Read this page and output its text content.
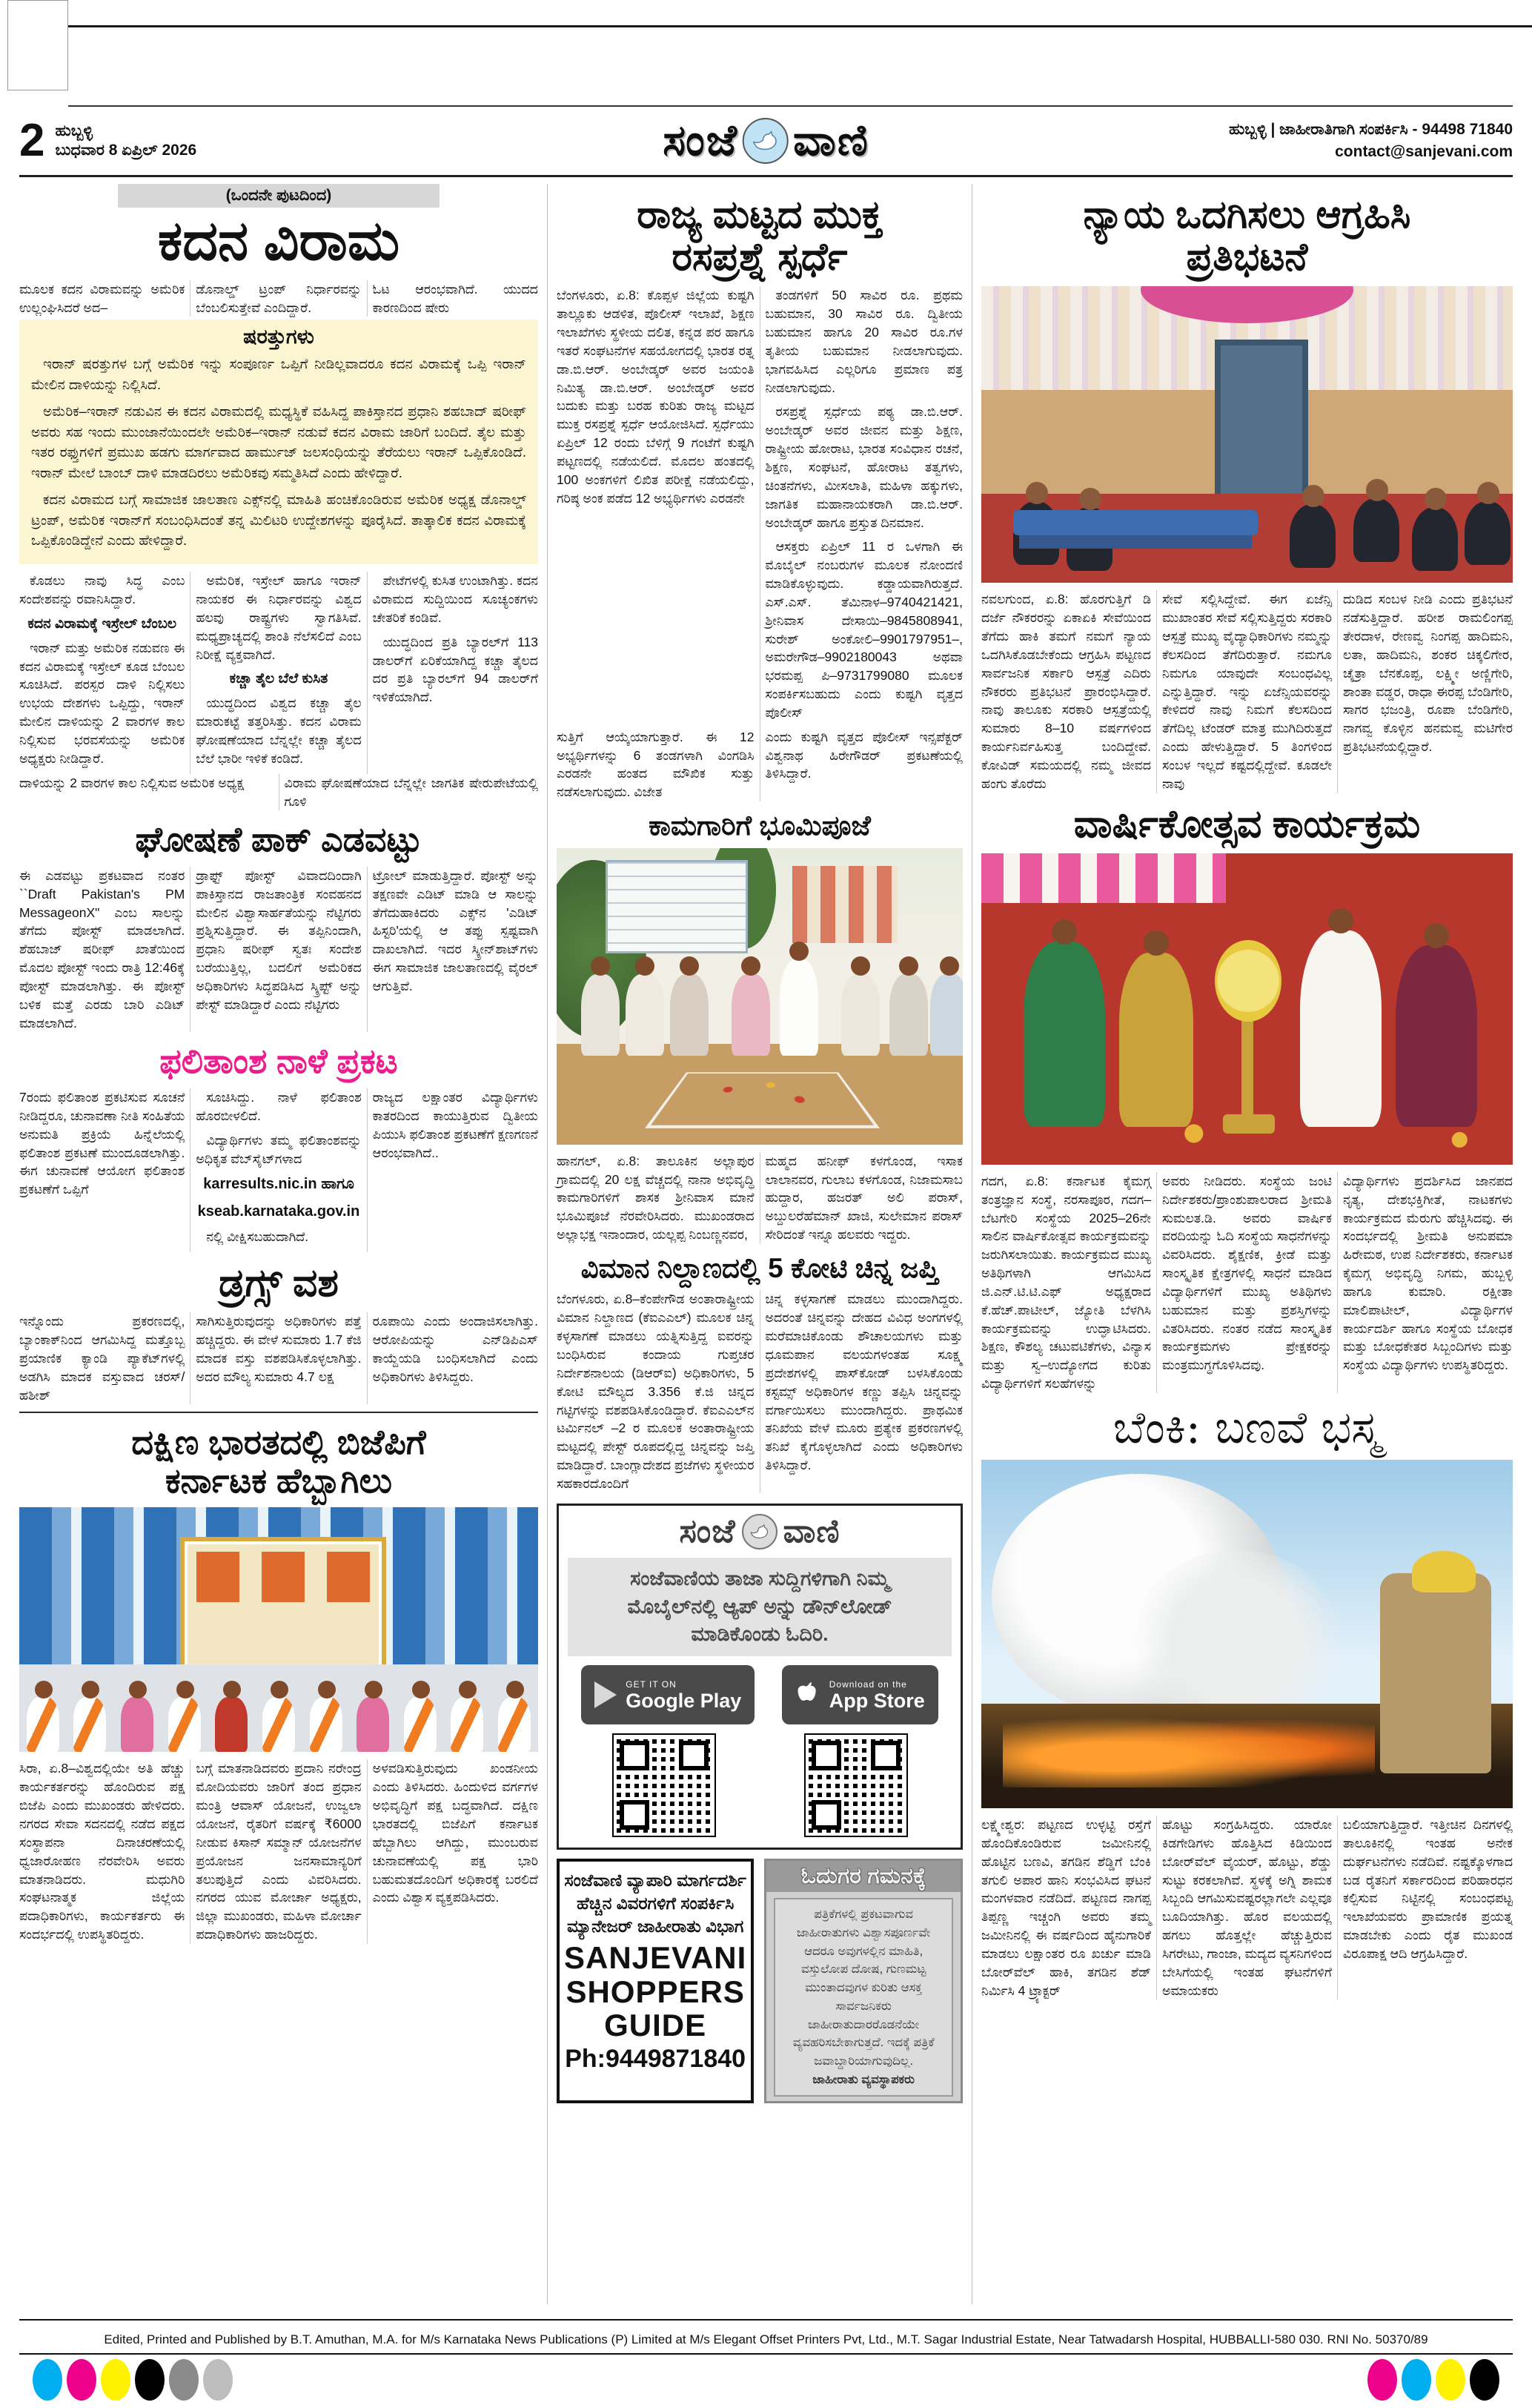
2 ಹುಬ್ಬಳ್ಳಿ
ಬುಧವಾರ 8 ಏಪ್ರಿಲ್ 2026	ಸಂಜೆ ವಾಣಿ	ಹುಬ್ಬಳ್ಳಿ | ಜಾಹೀರಾತಿಗಾಗಿ ಸಂಪರ್ಕಿಸಿ - 94498 71840
contact@sanjevani.com
(ಒಂದನೇ ಪುಟದಿಂದ)
ಕದನ ವಿರಾಮ
ಮೂಲಕ ಕದನ ವಿರಾಮವನ್ನು ಅಮೆರಿಕ ಉಲ್ಲಂಘಿಸಿದರೆ ಅದ–
ಡೊನಾಲ್ಡ್ ಟ್ರಂಪ್ ನಿರ್ಧಾರವನ್ನು ಬೆಂಬಲಿಸುತ್ತೇವೆ ಎಂದಿದ್ದಾರೆ.
ಓಟ ಆರಂಭವಾಗಿದೆ. ಯುದದ ಕಾರಣದಿಂದ ಷೇರು
ಷರತ್ತುಗಳು

ಇರಾನ್ ಷರತ್ತುಗಳ ಬಗ್ಗೆ ಅಮೆರಿಕ ಇನ್ನು ಸಂಪೂರ್ಣ ಒಪ್ಪಿಗೆ ನೀಡಿಲ್ಲವಾದರೂ ಕದನ ವಿರಾಮಕ್ಕೆ ಒಪ್ಪಿ ಇರಾನ್ ಮೇಲಿನ ದಾಳಿಯನ್ನು ನಿಲ್ಲಿಸಿದೆ.

ಅಮೆರಿಕ–ಇರಾನ್ ನಡುವಿನ ಈ ಕದನ ವಿರಾಮದಲ್ಲಿ ಮಧ್ಯಸ್ಥಿಕೆ ವಹಿಸಿದ್ದ ಪಾಕಿಸ್ತಾನದ ಪ್ರಧಾನಿ ಶಹಬಾದ್ ಷರೀಫ್ ಅವರು ಸಹ ಇಂದು ಮುಂಜಾನೆಯಿಂದಲೇ ಅಮೆರಿಕ–ಇರಾನ್ ನಡುವೆ ಕದನ ವಿರಾಮ ಜಾರಿಗೆ ಬಂದಿದೆ. ತೈಲ ಮತ್ತು ಇತರ ರಫ್ತುಗಳಿಗೆ ಪ್ರಮುಖ ಹಡಗು ಮಾರ್ಗವಾದ ಹಾರ್ಮುಜ್ ಜಲಸಂಧಿಯನ್ನು ತೆರೆಯಲು ಇರಾನ್ ಒಪ್ಪಿಕೊಂಡಿದೆ. ಇರಾನ್ ಮೇಲೆ ಬಾಂಬ್ ದಾಳಿ ಮಾಡದಿರಲು ಅಮೆರಿಕವು ಸಮ್ಮತಿಸಿದೆ ಎಂದು ಹೇಳಿದ್ದಾರೆ.

ಕದನ ವಿರಾಮದ ಬಗ್ಗೆ ಸಾಮಾಜಿಕ ಜಾಲತಾಣ ಎಕ್ಸ್‌ನಲ್ಲಿ ಮಾಹಿತಿ ಹಂಚಿಕೊಂಡಿರುವ ಅಮೆರಿಕ ಅಧ್ಯಕ್ಷ ಡೊನಾಲ್ಡ್ ಟ್ರಂಪ್, ಅಮೆರಿಕ ಇರಾನ್‌ಗೆ ಸಂಬಂಧಿಸಿದಂತೆ ತನ್ನ ಮಿಲಿಟರಿ ಉದ್ದೇಶಗಳನ್ನು ಪೂರೈಸಿದೆ. ತಾತ್ಕಾಲಿಕ ಕದನ ವಿರಾಮಕ್ಕೆ ಒಪ್ಪಿಕೊಂಡಿದ್ದೇನೆ ಎಂದು ಹೇಳಿದ್ದಾರೆ.

ಕೊಡಲು ನಾವು ಸಿದ್ಧ ಎಂಬ ಸಂದೇಶವನ್ನು ರವಾನಿಸಿದ್ದಾರೆ.

ಕದನ ವಿರಾಮಕ್ಕೆ ಇಸ್ರೇಲ್ ಬೆಂಬಲ

ಇರಾನ್ ಮತ್ತು ಅಮೆರಿಕ ನಡುವಣ ಈ ಕದನ ವಿರಾಮಕ್ಕೆ ಇಸ್ರೇಲ್ ಕೂಡ ಬೆಂಬಲ ಸೂಚಿಸಿದೆ. ಪರಸ್ಪರ ದಾಳಿ ನಿಲ್ಲಿಸಲು ಉಭಯ ದೇಶಗಳು ಒಪ್ಪಿದ್ದು, ಇರಾನ್ ಮೇಲಿನ ದಾಳಿಯನ್ನು 2 ವಾರಗಳ ಕಾಲ ನಿಲ್ಲಿಸುವ ಭರವಸೆಯನ್ನು ಅಮೆರಿಕ ಅಧ್ಯಕ್ಷರು ನೀಡಿದ್ದಾರೆ.

ಅಮೆರಿಕ, ಇಸ್ರೇಲ್ ಹಾಗೂ ಇರಾನ್ ನಾಯಕರ ಈ ನಿರ್ಧಾರವನ್ನು ವಿಶ್ವದ ಹಲವು ರಾಷ್ಟ್ರಗಳು ಸ್ವಾಗತಿಸಿವೆ. ಮಧ್ಯಪ್ರಾಚ್ಯದಲ್ಲಿ ಶಾಂತಿ ನೆಲೆಸಲಿದೆ ಎಂಬ ನಿರೀಕ್ಷೆ ವ್ಯಕ್ತವಾಗಿದೆ.

ಕಚ್ಚಾ ತೈಲ ಬೆಲೆ ಕುಸಿತ

ಯುದ್ಧದಿಂದ ವಿಶ್ವದ ಕಚ್ಚಾ ತೈಲ ಮಾರುಕಟ್ಟೆ ತತ್ತರಿಸಿತ್ತು. ಕದನ ವಿರಾಮ ಘೋಷಣೆಯಾದ ಬೆನ್ನಲ್ಲೇ ಕಚ್ಚಾ ತೈಲದ ಬೆಲೆ ಭಾರೀ ಇಳಿಕೆ ಕಂಡಿದೆ.

ಪೇಟೆಗಳಲ್ಲಿ ಕುಸಿತ ಉಂಟಾಗಿತ್ತು. ಕದನ ವಿರಾಮದ ಸುದ್ದಿಯಿಂದ ಸೂಚ್ಯಂಕಗಳು ಚೇತರಿಕೆ ಕಂಡಿವೆ.

ಯುದ್ಧದಿಂದ ಪ್ರತಿ ಬ್ಯಾರಲ್‌ಗೆ 113 ಡಾಲರ್‌ಗೆ ಏರಿಕೆಯಾಗಿದ್ದ ಕಚ್ಚಾ ತೈಲದ ದರ ಪ್ರತಿ ಬ್ಯಾರಲ್‌ಗೆ 94 ಡಾಲರ್‌ಗೆ ಇಳಿಕೆಯಾಗಿದೆ.

ದಾಳಿಯನ್ನು 2 ವಾರಗಳ ಕಾಲ ನಿಲ್ಲಿಸುವ ಅಮೆರಿಕ ಅಧ್ಯಕ್ಷ	ವಿರಾಮ ಘೋಷಣೆಯಾದ ಬೆನ್ನಲ್ಲೇ ಜಾಗತಿಕ ಷೇರುಪೇಟೆಯಲ್ಲಿ ಗೂಳಿ
ಘೋಷಣೆ ಪಾಕ್ ಎಡವಟ್ಟು
ಈ ಎಡವಟ್ಟು ಪ್ರಕಟವಾದ ನಂತರ ``Draft Pakistan's PM MessageonX" ಎಂಬ ಸಾಲನ್ನು ತೆಗೆದು ಪೋಸ್ಟ್ ಮಾಡಲಾಗಿದೆ. ಶೆಹಬಾಜ್ ಷರೀಫ್ ಖಾತೆಯಿಂದ ಮೊದಲ ಪೋಸ್ಟ್ ಇಂದು ರಾತ್ರಿ 12:46ಕ್ಕೆ ಪೋಸ್ಟ್ ಮಾಡಲಾಗಿತ್ತು. ಈ ಪೋಸ್ಟ್ ಬಳಿಕ ಮತ್ತೆ ಎರಡು ಬಾರಿ ಎಡಿಟ್ ಮಾಡಲಾಗಿದೆ.
ಡ್ರಾಫ್ಟ್ ಪೋಸ್ಟ್ ವಿವಾದದಿಂದಾಗಿ ಪಾಕಿಸ್ತಾನದ ರಾಜತಾಂತ್ರಿಕ ಸಂವಹನದ ಮೇಲಿನ ವಿಶ್ವಾಸಾರ್ಹತೆಯನ್ನು ನೆಟ್ಟಿಗರು ಪ್ರಶ್ನಿಸುತ್ತಿದ್ದಾರೆ. ಈ ತಪ್ಪಿನಿಂದಾಗಿ, ಪ್ರಧಾನಿ ಷರೀಫ್ ಸ್ವತಃ ಸಂದೇಶ ಬರೆಯುತ್ತಿಲ್ಲ, ಬದಲಿಗೆ ಅಮೆರಿಕದ ಅಧಿಕಾರಿಗಳು ಸಿದ್ಧಪಡಿಸಿದ ಸ್ಕ್ರಿಪ್ಟ್ ಅನ್ನು ಪೇಸ್ಟ್ ಮಾಡಿದ್ದಾರೆ ಎಂದು ನೆಟ್ಟಿಗರು
ಟ್ರೋಲ್ ಮಾಡುತ್ತಿದ್ದಾರೆ. ಪೋಸ್ಟ್ ಅನ್ನು ತಕ್ಷಣವೇ ಎಡಿಟ್ ಮಾಡಿ ಆ ಸಾಲನ್ನು ತೆಗೆದುಹಾಕಿದರು ಎಕ್ಸ್‌ನ 'ಎಡಿಟ್ ಹಿಸ್ಟರಿ'ಯಲ್ಲಿ ಆ ತಪ್ಪು ಸ್ಪಷ್ಟವಾಗಿ ದಾಖಲಾಗಿದೆ. ಇದರ ಸ್ಕ್ರೀನ್‌ಶಾಟ್‌ಗಳು ಈಗ ಸಾಮಾಜಿಕ ಜಾಲತಾಣದಲ್ಲಿ ವೈರಲ್ ಆಗುತ್ತಿವೆ.
ಫಲಿತಾಂಶ ನಾಳೆ ಪ್ರಕಟ
7ರಂದು ಫಲಿತಾಂಶ ಪ್ರಕಟಿಸುವ ಸೂಚನೆ ನೀಡಿದ್ದರೂ, ಚುನಾವಣಾ ನೀತಿ ಸಂಹಿತೆಯ ಅನುಮತಿ ಪ್ರಕ್ರಿಯೆ ಹಿನ್ನೆಲೆಯಲ್ಲಿ ಫಲಿತಾಂಶ ಪ್ರಕಟಣೆ ಮುಂದೂಡಲಾಗಿತ್ತು. ಈಗ ಚುನಾವಣೆ ಆಯೋಗ ಫಲಿತಾಂಶ ಪ್ರಕಟಣೆಗೆ ಒಪ್ಪಿಗೆ

ಸೂಚಿಸಿದ್ದು. ನಾಳೆ ಫಲಿತಾಂಶ ಹೊರಬೀಳಲಿದೆ.

ವಿದ್ಯಾರ್ಥಿಗಳು ತಮ್ಮ ಫಲಿತಾಂಶವನ್ನು ಅಧಿಕೃತ ವೆಬ್‌ಸೈಟ್‌ಗಳಾದ

karresults.nic.in ಹಾಗೂ

kseab.karnataka.gov.in

ನಲ್ಲಿ ವೀಕ್ಷಿಸಬಹುದಾಗಿದೆ.

ರಾಜ್ಯದ ಲಕ್ಷಾಂತರ ವಿದ್ಯಾರ್ಥಿಗಳು ಕಾತರದಿಂದ ಕಾಯುತ್ತಿರುವ ದ್ವಿತೀಯ ಪಿಯುಸಿ ಫಲಿತಾಂಶ ಪ್ರಕಟಣೆಗೆ ಕ್ಷಣಗಣನೆ ಆರಂಭವಾಗಿದೆ..
ಡ್ರಗ್ಸ್ ವಶ
ಇನ್ನೊಂದು ಪ್ರಕರಣದಲ್ಲಿ, ಬ್ಯಾಂಕಾಕ್‌ನಿಂದ ಆಗಮಿಸಿದ್ದ ಮತ್ತೊಬ್ಬ ಪ್ರಯಾಣಿಕ ಕ್ಯಾಂಡಿ ಪ್ಯಾಕೆಟ್‌ಗಳಲ್ಲಿ ಅಡಗಿಸಿ ಮಾದಕ ವಸ್ತುವಾದ ಚರಸ್/ಹಶೀಶ್
ಸಾಗಿಸುತ್ತಿರುವುದನ್ನು ಅಧಿಕಾರಿಗಳು ಪತ್ತೆ ಹಚ್ಚಿದ್ದರು. ಈ ವೇಳೆ ಸುಮಾರು 1.7 ಕೆಜಿ ಮಾದಕ ವಸ್ತು ವಶಪಡಿಸಿಕೊಳ್ಳಲಾಗಿತ್ತು. ಅದರ ಮೌಲ್ಯ ಸುಮಾರು 4.7 ಲಕ್ಷ
ರೂಪಾಯಿ ಎಂದು ಅಂದಾಜಿಸಲಾಗಿತ್ತು. ಆರೋಪಿಯನ್ನು ಎನ್‌ಡಿಪಿಎಸ್ ಕಾಯ್ದೆಯಡಿ ಬಂಧಿಸಲಾಗಿದೆ ಎಂದು ಅಧಿಕಾರಿಗಳು ತಿಳಿಸಿದ್ದರು.
ದಕ್ಷಿಣ ಭಾರತದಲ್ಲಿ ಬಿಜೆಪಿಗೆ
ಕರ್ನಾಟಕ ಹೆಬ್ಬಾಗಿಲು
ಸಿರಾ, ಏ.8–ವಿಶ್ವದಲ್ಲಿಯೇ ಅತಿ ಹೆಚ್ಚು ಕಾರ್ಯಕರ್ತರನ್ನು ಹೊಂದಿರುವ ಪಕ್ಷ ಬಿಜೆಪಿ ಎಂದು ಮುಖಂಡರು ಹೇಳಿದರು. ನಗರದ ಸೇವಾ ಸದನದಲ್ಲಿ ನಡೆದ ಪಕ್ಷದ ಸಂಸ್ಥಾಪನಾ ದಿನಾಚರಣೆಯಲ್ಲಿ ಧ್ವಜಾರೋಹಣ ನೆರವೇರಿಸಿ ಅವರು ಮಾತನಾಡಿದರು. ಮಧುಗಿರಿ ಸಂಘಟನಾತ್ಮಕ ಜಿಲ್ಲೆಯ ಪದಾಧಿಕಾರಿಗಳು, ಕಾರ್ಯಕರ್ತರು ಈ ಸಂದರ್ಭದಲ್ಲಿ ಉಪಸ್ಥಿತರಿದ್ದರು.
ಬಗ್ಗೆ ಮಾತನಾಡಿದವರು ಪ್ರದಾನಿ ನರೇಂದ್ರ ಮೋದಿಯವರು ಜಾರಿಗೆ ತಂದ ಪ್ರಧಾನ ಮಂತ್ರಿ ಆವಾಸ್ ಯೋಜನೆ, ಉಜ್ವಲಾ ಯೋಜನೆ, ರೈತರಿಗೆ ವರ್ಷಕ್ಕೆ ₹6000 ನೀಡುವ ಕಿಸಾನ್ ಸಮ್ಮಾನ್ ಯೋಜನೆಗಳ ಪ್ರಯೋಜನ ಜನಸಾಮಾನ್ಯರಿಗೆ ತಲುಪುತ್ತಿದೆ ಎಂದು ವಿವರಿಸಿದರು. ನಗರದ ಯುವ ಮೋರ್ಚಾ ಅಧ್ಯಕ್ಷರು, ಜಿಲ್ಲಾ ಮುಖಂಡರು, ಮಹಿಳಾ ಮೋರ್ಚಾ ಪದಾಧಿಕಾರಿಗಳು ಹಾಜರಿದ್ದರು.
ಅಳವಡಿಸುತ್ತಿರುವುದು ಖಂಡನೀಯ ಎಂದು ತಿಳಿಸಿದರು. ಹಿಂದುಳಿದ ವರ್ಗಗಳ ಅಭಿವೃದ್ಧಿಗೆ ಪಕ್ಷ ಬದ್ಧವಾಗಿದೆ. ದಕ್ಷಿಣ ಭಾರತದಲ್ಲಿ ಬಿಜೆಪಿಗೆ ಕರ್ನಾಟಕ ಹೆಬ್ಬಾಗಿಲು ಆಗಿದ್ದು, ಮುಂಬರುವ ಚುನಾವಣೆಯಲ್ಲಿ ಪಕ್ಷ ಭಾರಿ ಬಹುಮತದೊಂದಿಗೆ ಅಧಿಕಾರಕ್ಕೆ ಬರಲಿದೆ ಎಂದು ವಿಶ್ವಾಸ ವ್ಯಕ್ತಪಡಿಸಿದರು.
ರಾಜ್ಯ ಮಟ್ಟದ ಮುಕ್ತ
ರಸಪ್ರಶ್ನೆ ಸ್ಪರ್ಧೆ
ಬೆಂಗಳೂರು, ಏ.8: ಕೊಪ್ಪಳ ಜಿಲ್ಲೆಯ ಕುಷ್ಟಗಿ ತಾಲ್ಲೂಕು ಆಡಳಿತ, ಪೊಲೀಸ್ ಇಲಾಖೆ, ಶಿಕ್ಷಣ ಇಲಾಖೆಗಳು ಸ್ಥಳೀಯ ದಲಿತ, ಕನ್ನಡ ಪರ ಹಾಗೂ ಇತರೆ ಸಂಘಟನೆಗಳ ಸಹಯೋಗದಲ್ಲಿ ಭಾರತ ರತ್ನ ಡಾ.ಬಿ.ಆರ್. ಅಂಬೇಡ್ಕರ್ ಅವರ ಜಯಂತಿ ನಿಮಿತ್ಯ ಡಾ.ಬಿ.ಆರ್. ಅಂಬೇಡ್ಕರ್ ಅವರ ಬದುಕು ಮತ್ತು ಬರಹ ಕುರಿತು ರಾಜ್ಯ ಮಟ್ಟದ ಮುಕ್ತ ರಸಪ್ರಶ್ನೆ ಸ್ಪರ್ಧೆ ಆಯೋಜಿಸಿದೆ. ಸ್ಪರ್ಧೆಯು ಏಪ್ರಿಲ್ 12 ರಂದು ಬೆಳಿಗ್ಗೆ 9 ಗಂಟೆಗೆ ಕುಷ್ಟಗಿ ಪಟ್ಟಣದಲ್ಲಿ ನಡೆಯಲಿದೆ. ಮೊದಲ ಹಂತದಲ್ಲಿ 100 ಅಂಕಗಳಿಗೆ ಲಿಖಿತ ಪರೀಕ್ಷೆ ನಡೆಯಲಿದ್ದು, ಗರಿಷ್ಠ ಅಂಕ ಪಡೆದ 12 ಅಭ್ಯರ್ಥಿಗಳು ಎರಡನೇ

ತಂಡಗಳಿಗೆ 50 ಸಾವಿರ ರೂ. ಪ್ರಥಮ ಬಹುಮಾನ, 30 ಸಾವಿರ ರೂ. ದ್ವಿತೀಯ ಬಹುಮಾನ ಹಾಗೂ 20 ಸಾವಿರ ರೂ.ಗಳ ತೃತೀಯ ಬಹುಮಾನ ನೀಡಲಾಗುವುದು. ಭಾಗವಹಿಸಿದ ಎಲ್ಲರಿಗೂ ಪ್ರಮಾಣ ಪತ್ರ ನೀಡಲಾಗುವುದು.

ರಸಪ್ರಶ್ನೆ ಸ್ಪರ್ಧೆಯ ಪಠ್ಯ ಡಾ.ಬಿ.ಆರ್. ಅಂಬೇಡ್ಕರ್ ಅವರ ಜೀವನ ಮತ್ತು ಶಿಕ್ಷಣ, ರಾಷ್ಟ್ರೀಯ ಹೋರಾಟ, ಭಾರತ ಸಂವಿಧಾನ ರಚನೆ, ಶಿಕ್ಷಣ, ಸಂಘಟನೆ, ಹೋರಾಟ ತತ್ವಗಳು, ಚಿಂತನೆಗಳು, ಮೀಸಲಾತಿ, ಮಹಿಳಾ ಹಕ್ಕುಗಳು, ಜಾಗತಿಕ ಮಹಾನಾಯಕರಾಗಿ ಡಾ.ಬಿ.ಆರ್. ಅಂಬೇಡ್ಕರ್ ಹಾಗೂ ಪ್ರಸ್ತುತ ದಿನಮಾನ.

ಆಸಕ್ತರು ಏಪ್ರಿಲ್ 11 ರ ಒಳಗಾಗಿ ಈ ಮೊಬೈಲ್ ನಂಬರುಗಳ ಮೂಲಕ ನೋಂದಣಿ ಮಾಡಿಕೊಳ್ಳುವುದು. ಕಡ್ಡಾಯವಾಗಿರುತ್ತದೆ. ಎಸ್.ಎಸ್. ತೆಮಿನಾಳ–9740421421, ಶ್ರೀನಿವಾಸ ದೇಸಾಯಿ–9845808941, ಸುರೇಶ್ ಅಂಕೋಲಿ–9901797951–, ಅಮರೇಗೌಡ–9902180043 ಅಥವಾ ಭರಮಪ್ಪ ಪಿ–9731799080 ಮೂಲಕ ಸಂಪರ್ಕಿಸಬಹುದು ಎಂದು ಕುಷ್ಟಗಿ ವೃತ್ತದ ಪೊಲೀಸ್

ಸುತ್ತಿಗೆ ಆಯ್ಕೆಯಾಗುತ್ತಾರೆ. ಈ 12 ಅಭ್ಯರ್ಥಿಗಳನ್ನು 6 ತಂಡಗಳಾಗಿ ವಿಂಗಡಿಸಿ ಎರಡನೇ ಹಂತದ ಮೌಖಿಕ ಸುತ್ತು ನಡೆಸಲಾಗುವುದು. ವಿಜೇತ
ಎಂದು ಕುಷ್ಟಗಿ ವೃತ್ತದ ಪೊಲೀಸ್ ಇನ್ಸಪೆಕ್ಟರ್ ವಿಶ್ವನಾಥ ಹಿರೇಗೌಡರ್ ಪ್ರಕಟಣೆಯಲ್ಲಿ ತಿಳಿಸಿದ್ದಾರೆ.
ಕಾಮಗಾರಿಗೆ ಭೂಮಿಪೂಜೆ
ಹಾನಗಲ್, ಏ.8: ತಾಲೂಕಿನ ಅಲ್ಲಾಪುರ ಗ್ರಾಮದಲ್ಲಿ 20 ಲಕ್ಷ ವೆಚ್ಚದಲ್ಲಿ ನಾನಾ ಅಭಿವೃದ್ಧಿ ಕಾಮಗಾರಿಗಳಿಗೆ ಶಾಸಕ ಶ್ರೀನಿವಾಸ ಮಾನೆ ಭೂಮಿಪೂಜೆ ನೆರವೇರಿಸಿದರು. ಮುಖಂಡರಾದ ಅಲ್ಲಾಭಕ್ಷ ಇನಾಂದಾರ, ಯಲ್ಲಪ್ಪ ನಿಂಬಣ್ಣನವರ,
ಮಹ್ಮದ ಹನೀಫ್ ಕಳಗೊಂಡ, ಇಸಾಕ ಲಾಲಾನವರ, ಗುಲಾಬ ಕಳಗೊಂಡ, ನಿಜಾಮಸಾಬ ಹುದ್ದಾರ, ಹಜರತ್ ಅಲಿ ಪರಾಸ್, ಅಬ್ದುಲರೆಹೆಮಾನ್ ಖಾಜಿ, ಸುಲೇಮಾನ ಪರಾಸ್ ಸೇರಿದಂತೆ ಇನ್ನೂ ಹಲವರು ಇದ್ದರು.
ವಿಮಾನ ನಿಲ್ದಾಣದಲ್ಲಿ 5 ಕೋಟಿ ಚಿನ್ನ ಜಪ್ತಿ
ಬೆಂಗಳೂರು, ಏ.8–ಕೆಂಪೇಗೌಡ ಅಂತಾರಾಷ್ಟ್ರೀಯ ವಿಮಾನ ನಿಲ್ದಾಣದ (ಕೆಐಎಎಲ್) ಮೂಲಕ ಚಿನ್ನ ಕಳ್ಳಸಾಗಣೆ ಮಾಡಲು ಯತ್ನಿಸುತ್ತಿದ್ದ ಐವರನ್ನು ಬಂಧಿಸಿರುವ ಕಂದಾಯ ಗುಪ್ತಚರ ನಿರ್ದೇಶನಾಲಯ (ಡಿಆರ್‌ಐ) ಅಧಿಕಾರಿಗಳು, 5 ಕೋಟಿ ಮೌಲ್ಯದ 3.356 ಕೆ.ಜಿ ಚಿನ್ನದ ಗಟ್ಟಿಗಳನ್ನು ವಶಪಡಿಸಿಕೊಂಡಿದ್ದಾರೆ. ಕೆಐಎಎಲ್‌ನ ಟರ್ಮಿನಲ್ –2 ರ ಮೂಲಕ ಅಂತಾರಾಷ್ಟ್ರೀಯ ಮಟ್ಟದಲ್ಲಿ ಪೇಸ್ಟ್ ರೂಪದಲ್ಲಿದ್ದ ಚಿನ್ನವನ್ನು ಜಪ್ತಿ ಮಾಡಿದ್ದಾರೆ. ಬಾಂಗ್ಲಾದೇಶದ ಪ್ರಜೆಗಳು ಸ್ಥಳೀಯರ ಸಹಕಾರದೊಂದಿಗೆ
ಚಿನ್ನ ಕಳ್ಳಸಾಗಣೆ ಮಾಡಲು ಮುಂದಾಗಿದ್ದರು. ಅದರಂತೆ ಚಿನ್ನವನ್ನು ದೇಹದ ವಿವಿಧ ಅಂಗಗಳಲ್ಲಿ ಮರೆಮಾಚಿಕೊಂಡು ಶೌಚಾಲಯಗಳು ಮತ್ತು ಧೂಮಪಾನ ವಲಯಗಳಂತಹ ಸೂಕ್ಷ್ಮ ಪ್ರದೇಶಗಳಲ್ಲಿ ಪಾಸ್‌ಕೋಡ್ ಬಳಸಿಕೊಂಡು ಕಸ್ಟಮ್ಸ್ ಅಧಿಕಾರಿಗಳ ಕಣ್ಣು ತಪ್ಪಿಸಿ ಚಿನ್ನವನ್ನು ವರ್ಗಾಯಿಸಲು ಮುಂದಾಗಿದ್ದರು. ಪ್ರಾಥಮಿಕ ತನಿಖೆಯ ವೇಳೆ ಮೂರು ಪ್ರತ್ಯೇಕ ಪ್ರಕರಣಗಳಲ್ಲಿ ತನಿಖೆ ಕೈಗೊಳ್ಳಲಾಗಿದೆ ಎಂದು ಅಧಿಕಾರಿಗಳು ತಿಳಿಸಿದ್ದಾರೆ.
ಸಂಜೆ ವಾಣಿ
ಸಂಜೆವಾಣಿಯ ತಾಜಾ ಸುದ್ದಿಗಳಿಗಾಗಿ ನಿಮ್ಮ
ಮೊಬೈಲ್‌ನಲ್ಲಿ ಆ್ಯಪ್ ಅನ್ನು ಡೌನ್‌ಲೋಡ್
ಮಾಡಿಕೊಂಡು ಓದಿರಿ.
GET IT ON
Google Play
Download on the
App Store
ಸಂಜೆವಾಣಿ ವ್ಯಾಪಾರಿ ಮಾರ್ಗದರ್ಶಿ
ಹೆಚ್ಚಿನ ವಿವರಗಳಿಗೆ ಸಂಪರ್ಕಿಸಿ
ಮ್ಯಾನೇಜರ್ ಜಾಹೀರಾತು ವಿಭಾಗ
SANJEVANI
SHOPPERS
GUIDE
Ph:9449871840
ಓದುಗರ ಗಮನಕ್ಕೆ
ಪತ್ರಿಕೆಗಳಲ್ಲಿ ಪ್ರಕಟವಾಗುವ ಜಾಹೀರಾತುಗಳು ವಿಶ್ವಾಸಪೂರ್ಣವೇ ಆದರೂ ಅವುಗಳಲ್ಲಿನ ಮಾಹಿತಿ, ವಸ್ತುಲೋಪ ದೋಷ, ಗುಣಮಟ್ಟ ಮುಂತಾದವುಗಳ ಕುರಿತು ಆಸಕ್ತ ಸಾರ್ವಜನಿಕರು ಜಾಹೀರಾತುದಾರರೊಡನೆಯೇ ವ್ಯವಹರಿಸಬೇಕಾಗುತ್ತದೆ. ಇದಕ್ಕೆ ಪತ್ರಿಕೆ ಜವಾಬ್ದಾರಿಯಾಗುವುದಿಲ್ಲ.
ಜಾಹೀರಾತು ವ್ಯವಸ್ಥಾಪಕರು
ನ್ಯಾಯ ಒದಗಿಸಲು ಆಗ್ರಹಿಸಿ
ಪ್ರತಿಭಟನೆ
ನವಲಗುಂದ, ಏ.8: ಹೊರಗುತ್ತಿಗೆ ಡಿ ದರ್ಜೆ ನೌಕರರನ್ನು ಏಕಾಏಕಿ ಸೇವೆಯಿಂದ ತೆಗೆದು ಹಾಕಿ ತಮಗೆ ನಮಗೆ ನ್ಯಾಯ ಒದಗಿಸಿಕೊಡಬೇಕೆಂದು ಆಗ್ರಹಿಸಿ ಪಟ್ಟಣದ ಸಾರ್ವಜನಿಕ ಸರ್ಕಾರಿ ಆಸ್ಪತ್ರೆ ಎದಿರು ನೌಕರರು ಪ್ರತಿಭಟನೆ ಪ್ರಾರಂಭಿಸಿದ್ದಾರೆ. ನಾವು ತಾಲೂಕು ಸರಕಾರಿ ಆಸ್ಪತ್ರೆಯಲ್ಲಿ ಸುಮಾರು 8–10 ವರ್ಷಗಳಿಂದ ಕಾರ್ಯನಿರ್ವಹಿಸುತ್ತ ಬಂದಿದ್ದೇವೆ. ಕೋವಿಡ್ ಸಮಯದಲ್ಲಿ ನಮ್ಮ ಜೀವದ ಹಂಗು ತೊರೆದು
ಸೇವೆ ಸಲ್ಲಿಸಿದ್ದೇವೆ. ಈಗ ಏಜೆನ್ಸಿ ಮುಖಾಂತರ ಸೇವೆ ಸಲ್ಲಿಸುತ್ತಿದ್ದರು ಸರಕಾರಿ ಆಸ್ಪತ್ರೆ ಮುಖ್ಯ ವೈದ್ಯಾಧಿಕಾರಿಗಳು ನಮ್ಮನ್ನು ಕೆಲಸದಿಂದ ತೆಗೆದಿರುತ್ತಾರೆ. ನಮಗೂ ನಿಮಗೂ ಯಾವುದೇ ಸಂಬಂಧವಿಲ್ಲ ಎನ್ನುತ್ತಿದ್ದಾರೆ. ಇನ್ನು ಏಜೆನ್ಸಿಯವರನ್ನು ಕೇಳಿದರೆ ನಾವು ನಿಮಗೆ ಕೆಲಸದಿಂದ ತೆಗೆದಿಲ್ಲ ಟೆಂಡರ್ ಮಾತ್ರ ಮುಗಿದಿರುತ್ತದೆ ಎಂದು ಹೇಳುತ್ತಿದ್ದಾರೆ. 5 ತಿಂಗಳಿಂದ ಸಂಬಳ ಇಲ್ಲದೆ ಕಷ್ಟದಲ್ಲಿದ್ದೇವೆ. ಕೂಡಲೇ ನಾವು
ದುಡಿದ ಸಂಬಳ ನೀಡಿ ಎಂದು ಪ್ರತಿಭಟನೆ ನಡೆಸುತ್ತಿದ್ದಾರೆ. ಹರೀಶ ರಾಮಲಿಂಗಪ್ಪ ತೇರದಾಳ, ರೇಣವ್ವ ನಿಂಗಪ್ಪ ಹಾದಿಮನಿ, ಲತಾ, ಹಾದಿಮನಿ, ಶಂಕರ ಚಿಕ್ಕಲಿಗೇರ, ಚೈತ್ರಾ ಬೆನಕೊಪ್ಪ, ಲಕ್ಷ್ಮೀ ಅಣ್ಣಿಗೇರಿ, ಶಾಂತಾ ವಡ್ಡರ, ರಾಧಾ ಈರಪ್ಪ ಬೆಂಡಿಗೇರಿ, ಸಾಗರ ಭಜಂತ್ರಿ, ರೂಪಾ ಬೆಂಡಿಗೇರಿ, ನಾಗವ್ವ ಕೊಳ್ಳಿನ ಹನಮವ್ವ ಮಟಿಗೇರ ಪ್ರತಿಭಟನೆಯಲ್ಲಿದ್ದಾರೆ.
ವಾರ್ಷಿಕೋತ್ಸವ ಕಾರ್ಯಕ್ರಮ
ಗದಗ, ಏ.8: ಕರ್ನಾಟಕ ಕೈಮಗ್ಗ ತಂತ್ರಜ್ಞಾನ ಸಂಸ್ಥೆ, ನರಸಾಪೂರ, ಗದಗ–ಬೆಟಗೇರಿ ಸಂಸ್ಥೆಯ 2025–26ನೇ ಸಾಲಿನ ವಾರ್ಷಿಕೋತ್ಸವ ಕಾರ್ಯಕ್ರಮವನ್ನು ಜರುಗಿಸಲಾಯಿತು. ಕಾರ್ಯಕ್ರಮದ ಮುಖ್ಯ ಅತಿಥಿಗಳಾಗಿ ಆಗಮಿಸಿದ ಜಿ.ಎನ್.ಟಿ.ಟಿ.ಎಫ್ ಅಧ್ಯಕ್ಷರಾದ ಕೆ.ಹೆಚ್.ಪಾಟೀಲ್, ಜ್ಯೋತಿ ಬೆಳಗಿಸಿ ಕಾರ್ಯಕ್ರಮವನ್ನು ಉದ್ಘಾಟಿಸಿದರು. ಶಿಕ್ಷಣ, ಕೌಶಲ್ಯ ಚಟುವಟಿಕೆಗಳು, ವಿನ್ಯಾಸ ಮತ್ತು ಸ್ವ–ಉದ್ಯೋಗದ ಕುರಿತು ವಿದ್ಯಾರ್ಥಿಗಳಿಗೆ ಸಲಹೆಗಳನ್ನು
ಅವರು ನೀಡಿದರು. ಸಂಸ್ಥೆಯ ಜಂಟಿ ನಿರ್ದೇಶಕರು/ಪ್ರಾಂಶುಪಾಲರಾದ ಶ್ರೀಮತಿ ಸುಮಲತ.ಡಿ. ಅವರು ವಾರ್ಷಿಕ ವರದಿಯನ್ನು ಓದಿ ಸಂಸ್ಥೆಯ ಸಾಧನೆಗಳನ್ನು ವಿವರಿಸಿದರು. ಶೈಕ್ಷಣಿಕ, ಕ್ರೀಡೆ ಮತ್ತು ಸಾಂಸ್ಕೃತಿಕ ಕ್ಷೇತ್ರಗಳಲ್ಲಿ ಸಾಧನೆ ಮಾಡಿದ ವಿದ್ಯಾರ್ಥಿಗಳಿಗೆ ಮುಖ್ಯ ಅತಿಥಿಗಳು ಬಹುಮಾನ ಮತ್ತು ಪ್ರಶಸ್ತಿಗಳನ್ನು ವಿತರಿಸಿದರು. ನಂತರ ನಡೆದ ಸಾಂಸ್ಕೃತಿಕ ಕಾರ್ಯಕ್ರಮಗಳು ಪ್ರೇಕ್ಷಕರನ್ನು ಮಂತ್ರಮುಗ್ಧಗೊಳಿಸಿದವು.
ವಿದ್ಯಾರ್ಥಿಗಳು ಪ್ರದರ್ಶಿಸಿದ ಜಾನಪದ ನೃತ್ಯ, ದೇಶಭಕ್ತಿಗೀತೆ, ನಾಟಕಗಳು ಕಾರ್ಯಕ್ರಮದ ಮೆರುಗು ಹೆಚ್ಚಿಸಿದವು. ಈ ಸಂದರ್ಭದಲ್ಲಿ ಶ್ರೀಮತಿ ಅನುಪಮಾ ಹಿರೇಮಠ, ಉಪ ನಿರ್ದೇಶಕರು, ಕರ್ನಾಟಕ ಕೈಮಗ್ಗ ಅಭಿವೃದ್ಧಿ ನಿಗಮ, ಹುಬ್ಬಳ್ಳಿ ಹಾಗೂ ಕುಮಾರಿ. ರಕ್ಷೀತಾ ಮಾಲಿಪಾಟೀಲ್, ವಿದ್ಯಾರ್ಥಿಗಳ ಕಾರ್ಯದರ್ಶಿ ಹಾಗೂ ಸಂಸ್ಥೆಯ ಬೋಧಕ ಮತ್ತು ಬೋಧಕೇತರ ಸಿಬ್ಬಂದಿಗಳು ಮತ್ತು ಸಂಸ್ಥೆಯ ವಿದ್ಯಾರ್ಥಿಗಳು ಉಪಸ್ಥಿತರಿದ್ದರು.
ಬೆಂಕಿ: ಬಣವೆ ಭಸ್ಮ
ಲಕ್ಷ್ಮೇಶ್ವರ: ಪಟ್ಟಣದ ಉಳ್ಳಟ್ಟಿ ರಸ್ತೆಗೆ ಹೊಂದಿಕೊಂಡಿರುವ ಜಮೀನಿನಲ್ಲಿ ಹೊಟ್ಟಿನ ಬಣವಿ, ತಗಡಿನ ಶೆಡ್ಡಿಗೆ ಬೆಂಕಿ ತಗುಲಿ ಅಪಾರ ಹಾನಿ ಸಂಭವಿಸಿದ ಘಟನೆ ಮಂಗಳವಾರ ನಡೆದಿದೆ. ಪಟ್ಟಣದ ನಾಗಪ್ಪ ತಿಪ್ಪಣ್ಣ ಇಚ್ಚಂಗಿ ಅವರು ತಮ್ಮ ಜಮೀನಿನಲ್ಲಿ ಈ ವರ್ಷದಿಂದ ಹೈನುಗಾರಿಕೆ ಮಾಡಲು ಲಕ್ಷಾಂತರ ರೂ ಖರ್ಚು ಮಾಡಿ ಬೋರ್‌ವೆಲ್ ಹಾಕಿ, ತಗಡಿನ ಶೆಡ್ ನಿರ್ಮಿಸಿ 4 ಟ್ರ್ಯಾಕ್ಟರ್
ಹೊಟ್ಟು ಸಂಗ್ರಹಿಸಿದ್ದರು. ಯಾರೋ ಕಿಡಗೇಡಿಗಳು ಹೊತ್ತಿಸಿದ ಕಿಡಿಯಿಂದ ಬೋರ್‌ವೆಲ್ ವೈಯರ್, ಹೊಟ್ಟು, ಶೆಡ್ಡು ಸುಟ್ಟು ಕರಕಲಾಗಿವೆ. ಸ್ಥಳಕ್ಕೆ ಅಗ್ನಿ ಶಾಮಕ ಸಿಬ್ಬಂದಿ ಆಗಮಿಸುವಷ್ಟರಲ್ಲಾಗಲೇ ಎಲ್ಲವೂ ಬೂದಿಯಾಗಿತ್ತು. ಹೊರ ವಲಯದಲ್ಲಿ ಹಗಲು ಹೊತ್ತಲ್ಲೇ ಹೆಚ್ಚುತ್ತಿರುವ ಸಿಗರೇಟು, ಗಾಂಜಾ, ಮದ್ಯದ ವ್ಯಸನಿಗಳಿಂದ ಬೇಸಿಗೆಯಲ್ಲಿ ಇಂತಹ ಘಟನೆಗಳಿಗೆ ಅಮಾಯಕರು
ಬಲಿಯಾಗುತ್ತಿದ್ದಾರೆ. ಇತ್ತೀಚಿನ ದಿನಗಳಲ್ಲಿ ತಾಲೂಕಿನಲ್ಲಿ ಇಂತಹ ಅನೇಕ ದುರ್ಘಟನೆಗಳು ನಡೆದಿವೆ. ನಷ್ಟಕ್ಕೊಳಗಾದ ಬಡ ರೈತನಿಗೆ ಸರ್ಕಾರದಿಂದ ಪರಿಹಾರಧನ ಕಲ್ಪಿಸುವ ನಿಟ್ಟಿನಲ್ಲಿ ಸಂಬಂಧಪಟ್ಟ ಇಲಾಖೆಯವರು ಪ್ರಾಮಾಣಿಕ ಪ್ರಯತ್ನ ಮಾಡಬೇಕು ಎಂದು ರೈತ ಮುಖಂಡ ವಿರೂಪಾಕ್ಷ ಆದಿ ಆಗ್ರಹಿಸಿದ್ದಾರೆ.
Edited, Printed and Published by B.T. Amuthan, M.A. for M/s Karnataka News Publications (P) Limited at M/s Elegant Offset Printers Pvt, Ltd., M.T. Sagar Industrial Estate, Near Tatwadarsh Hospital, HUBBALLI-580 030. RNI No. 50370/89
